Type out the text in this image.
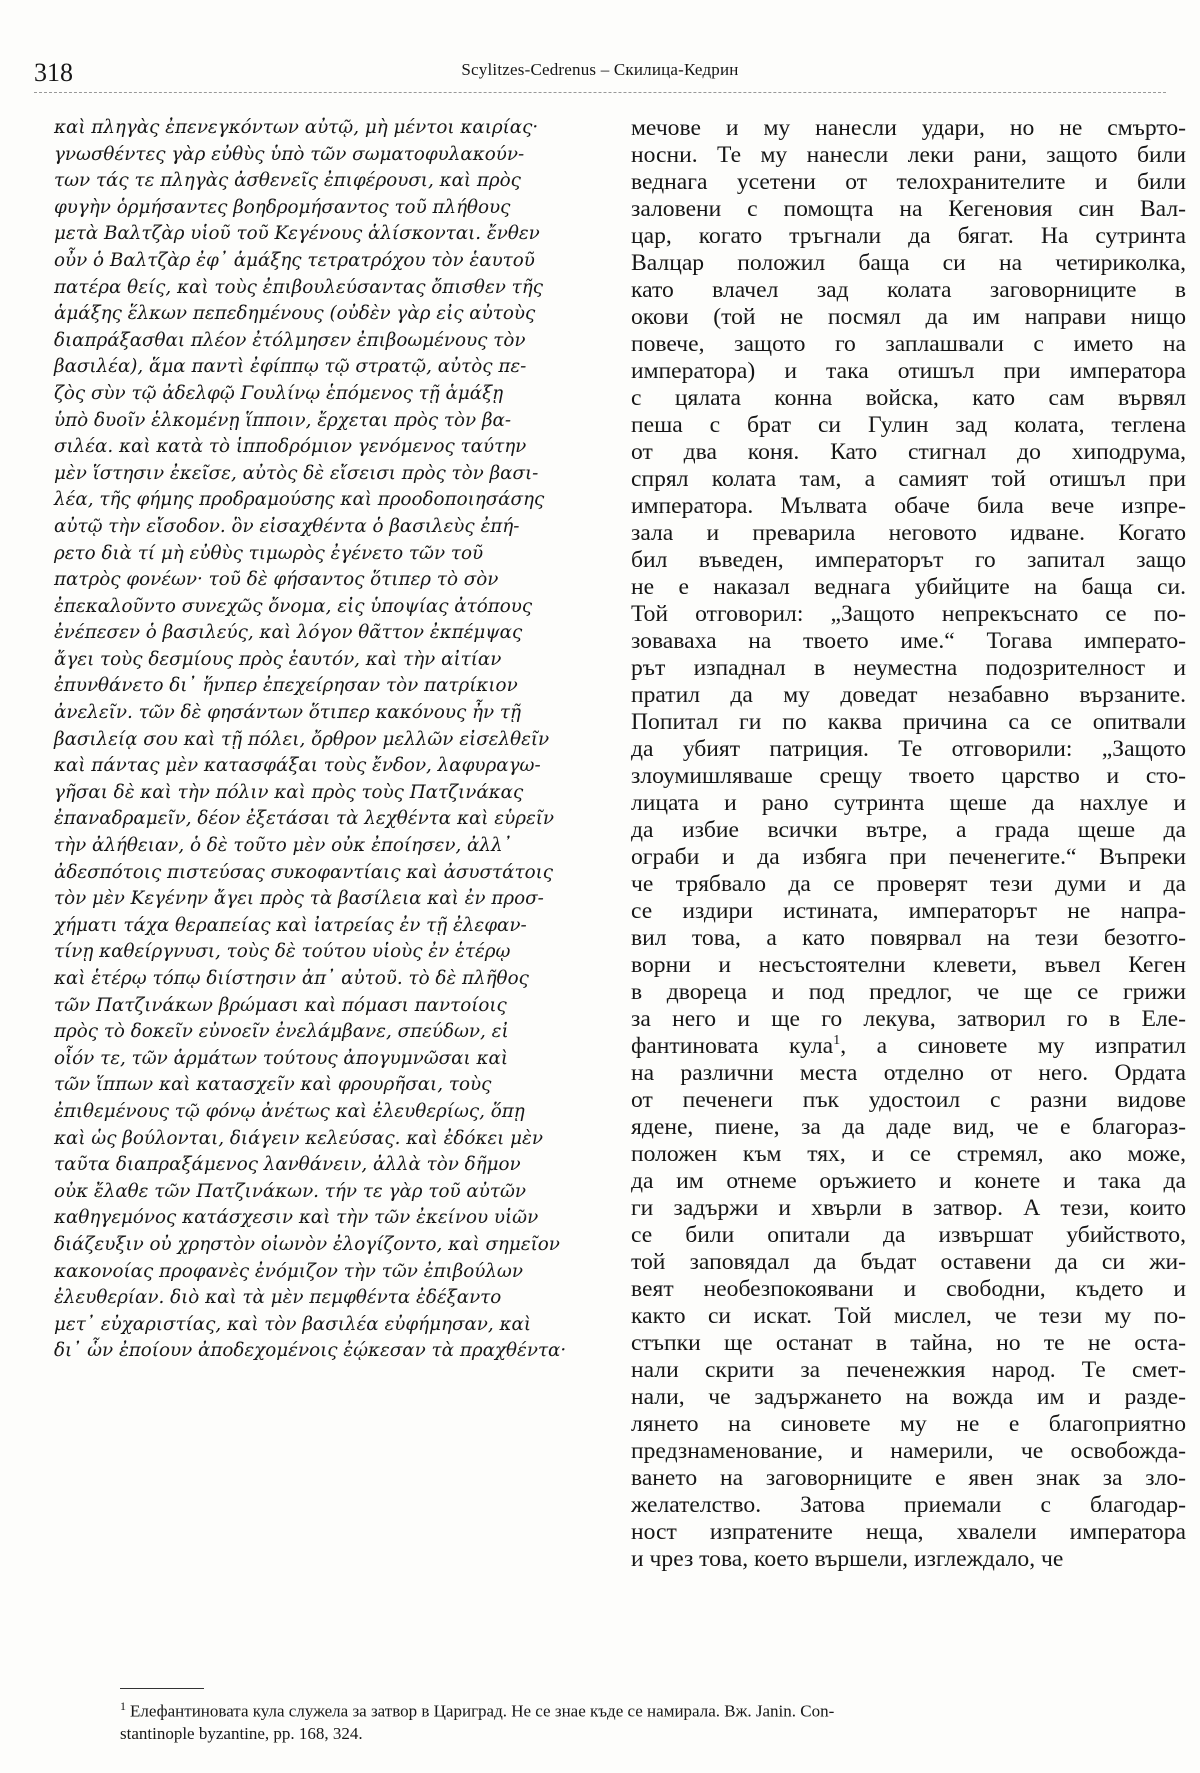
318	Scylitzes-Cedrenus – Скилица-Кедрин
καὶ πληγὰς ἐπενεγκόντων αὐτῷ, μὴ μέντοι καιρίας·
γνωσθέντες γὰρ εὐθὺς ὑπὸ τῶν σωματοφυλακούν-
των τάς τε πληγὰς ἀσθενεῖς ἐπιφέρουσι, καὶ πρὸς
φυγὴν ὁρμήσαντες βοηδρομήσαντος τοῦ πλήθους
μετὰ Βαλτζὰρ υἱοῦ τοῦ Κεγένους ἁλίσκονται. ἔνθεν
οὖν ὁ Βαλτζὰρ ἐφ᾽ ἁμάξης τετρατρόχου τὸν ἑαυτοῦ
πατέρα θείς, καὶ τοὺς ἐπιβουλεύσαντας ὄπισθεν τῆς
ἁμάξης ἕλκων πεπεδημένους (οὐδὲν γὰρ εἰς αὐτοὺς
διαπράξασθαι πλέον ἐτόλμησεν ἐπιβοωμένους τὸν
βασιλέα), ἅμα παντὶ ἐφίππῳ τῷ στρατῷ, αὐτὸς πε-
ζὸς σὺν τῷ ἀδελφῷ Γουλίνῳ ἑπόμενος τῇ ἁμάξῃ
ὑπὸ δυοῖν ἑλκομένῃ ἵπποιν, ἔρχεται πρὸς τὸν βα-
σιλέα. καὶ κατὰ τὸ ἱπποδρόμιον γενόμενος ταύτην
μὲν ἵστησιν ἐκεῖσε, αὐτὸς δὲ εἴσεισι πρὸς τὸν βασι-
λέα, τῆς φήμης προδραμούσης καὶ προοδοποιησάσης
αὐτῷ τὴν εἴσοδον. ὃν εἰσαχθέντα ὁ βασιλεὺς ἐπή-
ρετο διὰ τί μὴ εὐθὺς τιμωρὸς ἐγένετο τῶν τοῦ
πατρὸς φονέων· τοῦ δὲ φήσαντος ὅτιπερ τὸ σὸν
ἐπεκαλοῦντο συνεχῶς ὄνομα, εἰς ὑποψίας ἀτόπους
ἐνέπεσεν ὁ βασιλεύς, καὶ λόγον θᾶττον ἐκπέμψας
ἄγει τοὺς δεσμίους πρὸς ἑαυτόν, καὶ τὴν αἰτίαν
ἐπυνθάνετο δι᾽ ἥνπερ ἐπεχείρησαν τὸν πατρίκιον
ἀνελεῖν. τῶν δὲ φησάντων ὅτιπερ κακόνους ἦν τῇ
βασιλείᾳ σου καὶ τῇ πόλει, ὄρθρον μελλῶν εἰσελθεῖν
καὶ πάντας μὲν κατασφάξαι τοὺς ἔνδον, λαφυραγω-
γῆσαι δὲ καὶ τὴν πόλιν καὶ πρὸς τοὺς Πατζινάκας
ἐπαναδραμεῖν, δέον ἐξετάσαι τὰ λεχθέντα καὶ εὑρεῖν
τὴν ἀλήθειαν, ὁ δὲ τοῦτο μὲν οὐκ ἐποίησεν, ἀλλ᾽
ἀδεσπότοις πιστεύσας συκοφαντίαις καὶ ἀσυστάτοις
τὸν μὲν Κεγένην ἄγει πρὸς τὰ βασίλεια καὶ ἐν προσ-
χήματι τάχα θεραπείας καὶ ἰατρείας ἐν τῇ ἐλεφαν-
τίνῃ καθείργνυσι, τοὺς δὲ τούτου υἱοὺς ἐν ἑτέρῳ
καὶ ἑτέρῳ τόπῳ διίστησιν ἀπ᾽ αὐτοῦ. τὸ δὲ πλῆθος
τῶν Πατζινάκων βρώμασι καὶ πόμασι παντοίοις
πρὸς τὸ δοκεῖν εὐνοεῖν ἐνελάμβανε, σπεύδων, εἰ
οἷόν τε, τῶν ἁρμάτων τούτους ἀπογυμνῶσαι καὶ
τῶν ἵππων καὶ κατασχεῖν καὶ φρουρῆσαι, τοὺς
ἐπιθεμένους τῷ φόνῳ ἀνέτως καὶ ἐλευθερίως, ὅπῃ
καὶ ὡς βούλονται, διάγειν κελεύσας. καὶ ἐδόκει μὲν
ταῦτα διαπραξάμενος λανθάνειν, ἀλλὰ τὸν δῆμον
οὐκ ἔλαθε τῶν Πατζινάκων. τήν τε γὰρ τοῦ αὐτῶν
καθηγεμόνος κατάσχεσιν καὶ τὴν τῶν ἐκείνου υἱῶν
διάζευξιν οὐ χρηστὸν οἰωνὸν ἐλογίζοντο, καὶ σημεῖον
κακονοίας προφανὲς ἐνόμιζον τὴν τῶν ἐπιβούλων
ἐλευθερίαν. διὸ καὶ τὰ μὲν πεμφθέντα ἐδέξαντο
μετ᾽ εὐχαριστίας, καὶ τὸν βασιλέα εὐφήμησαν, καὶ
δι᾽ ὧν ἐποίουν ἀποδεχομένοις ἐῴκεσαν τὰ πραχθέντα·
мечове и му нанесли удари, но не смърто-
носни. Те му нанесли леки рани, защото били
веднага усетени от телохранителите и били
заловени с помощта на Кегеновия син Вал-
цар, когато тръгнали да бягат. На сутринта
Валцар положил баща си на четириколка,
като влачел зад колата заговорниците в
окови (той не посмял да им направи нищо
повече, защото го заплашвали с името на
императора) и така отишъл при императора
с цялата конна войска, като сам вървял
пеша с брат си Гулин зад колата, теглена
от два коня. Като стигнал до хиподрума,
спрял колата там, а самият той отишъл при
императора. Мълвата обаче била вече изпре-
зала и преварила неговото идване. Когато
бил въведен, императорът го запитал защо
не е наказал веднага убийците на баща си.
Той отговорил: „Защото непрекъснато се по-
зоваваха на твоето име.“ Тогава императо-
рът изпаднал в неуместна подозрителност и
пратил да му доведат незабавно вързаните.
Попитал ги по каква причина са се опитвали
да убият патриция. Те отговорили: „Защото
злоумишляваше срещу твоето царство и сто-
лицата и рано сутринта щеше да нахлуе и
да избие всички вътре, а града щеше да
ограби и да избяга при печенегите.“ Въпреки
че трябвало да се проверят тези думи и да
се издири истината, императорът не напра-
вил това, а като повярвал на тези безотго-
ворни и несъстоятелни клевети, въвел Кеген
в двореца и под предлог, че ще се грижи
за него и ще го лекува, затворил го в Еле-
фантиновата кула$^1$, а синовете му изпратил
на различни места отделно от него. Ордата
от печенеги пък удостоил с разни видове
ядене, пиене, за да даде вид, че е благораз-
положен към тях, и се стремял, ако може,
да им отнеме оръжието и конете и така да
ги задържи и хвърли в затвор. А тези, които
се били опитали да извършат убийството,
той заповядал да бъдат оставени да си жи-
веят необезпокоявани и свободни, където и
както си искат. Той мислел, че тези му по-
стъпки ще останат в тайна, но те не оста-
нали скрити за печенежкия народ. Те смет-
нали, че задържането на вожда им и разде-
лянето на синовете му не е благоприятно
предзнаменование, и намерили, че освобожда-
ването на заговорниците е явен знак за зло-
желателство. Затова приемали с благодар-
ност изпратените неща, хвалели императора
и чрез това, което вършели, изглеждало, че
$^1$ Елефантиновата кула служела за затвор в Цариград. Не се знае къде се намирала. Вж. Janin. Con-
stantinople byzantine, pp. 168, 324.
